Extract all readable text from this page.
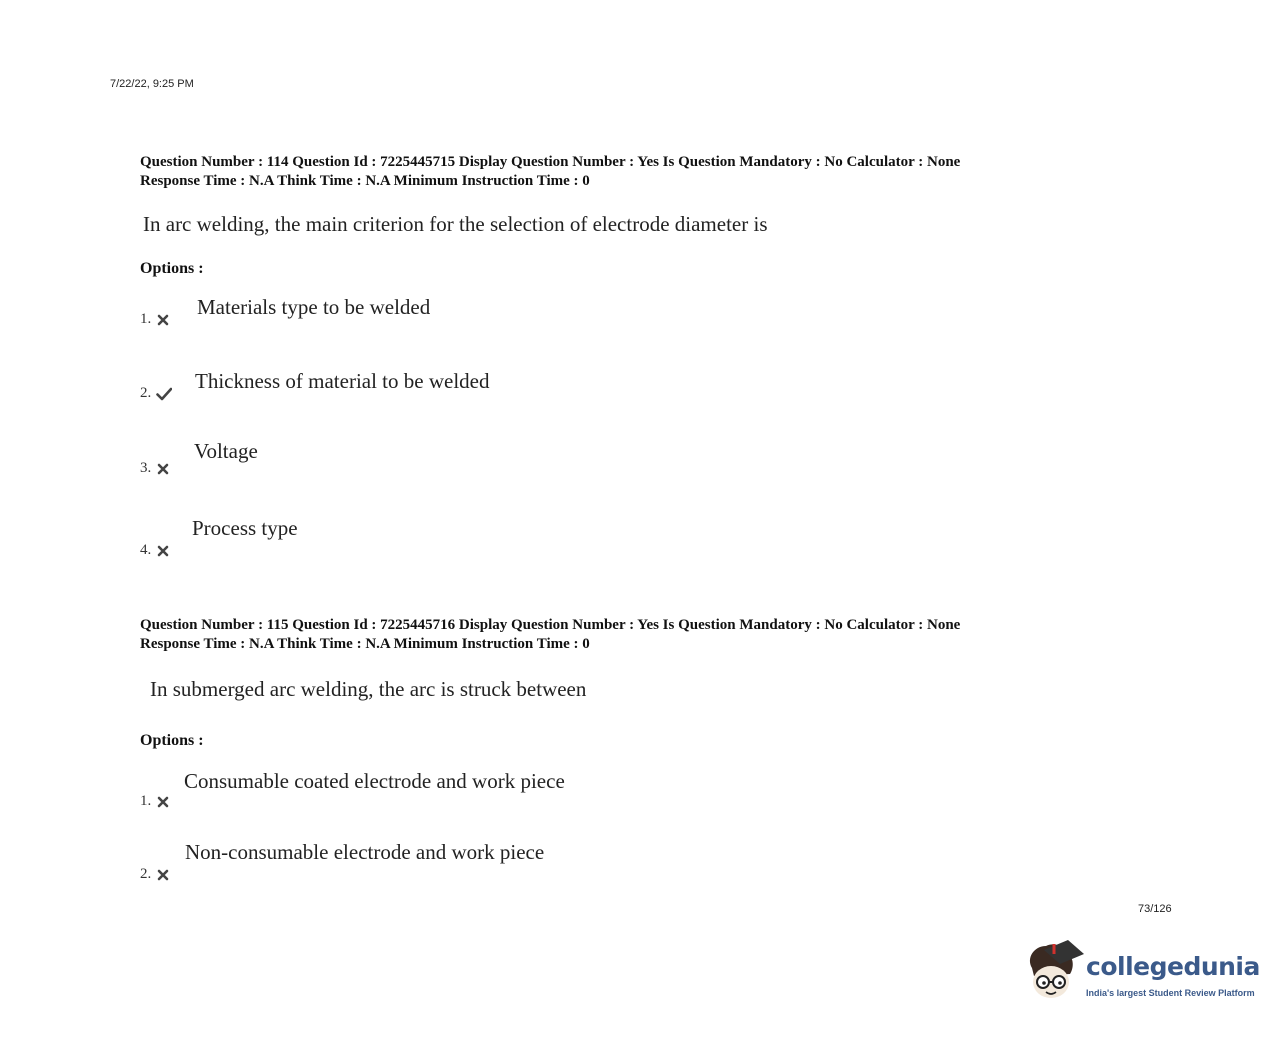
7/22/22, 9:25 PM
Question Number : 114 Question Id : 7225445715 Display Question Number : Yes Is Question Mandatory : No Calculator : None
Response Time : N.A Think Time : N.A Minimum Instruction Time : 0
In arc welding, the main criterion for the selection of electrode diameter is
Options :
1. Materials type to be welded
2. Thickness of material to be welded
3.
Voltage
4.
Process type
Question Number : 115 Question Id : 7225445716 Display Question Number : Yes Is Question Mandatory : No Calculator : None
Response Time : N.A Think Time : N.A Minimum Instruction Time : 0
In submerged arc welding, the arc is struck between
Options :
1.
Consumable coated electrode and work piece
2.
Non-consumable electrode and work piece
73/126
collegedunia
India's largest Student Review Platform
